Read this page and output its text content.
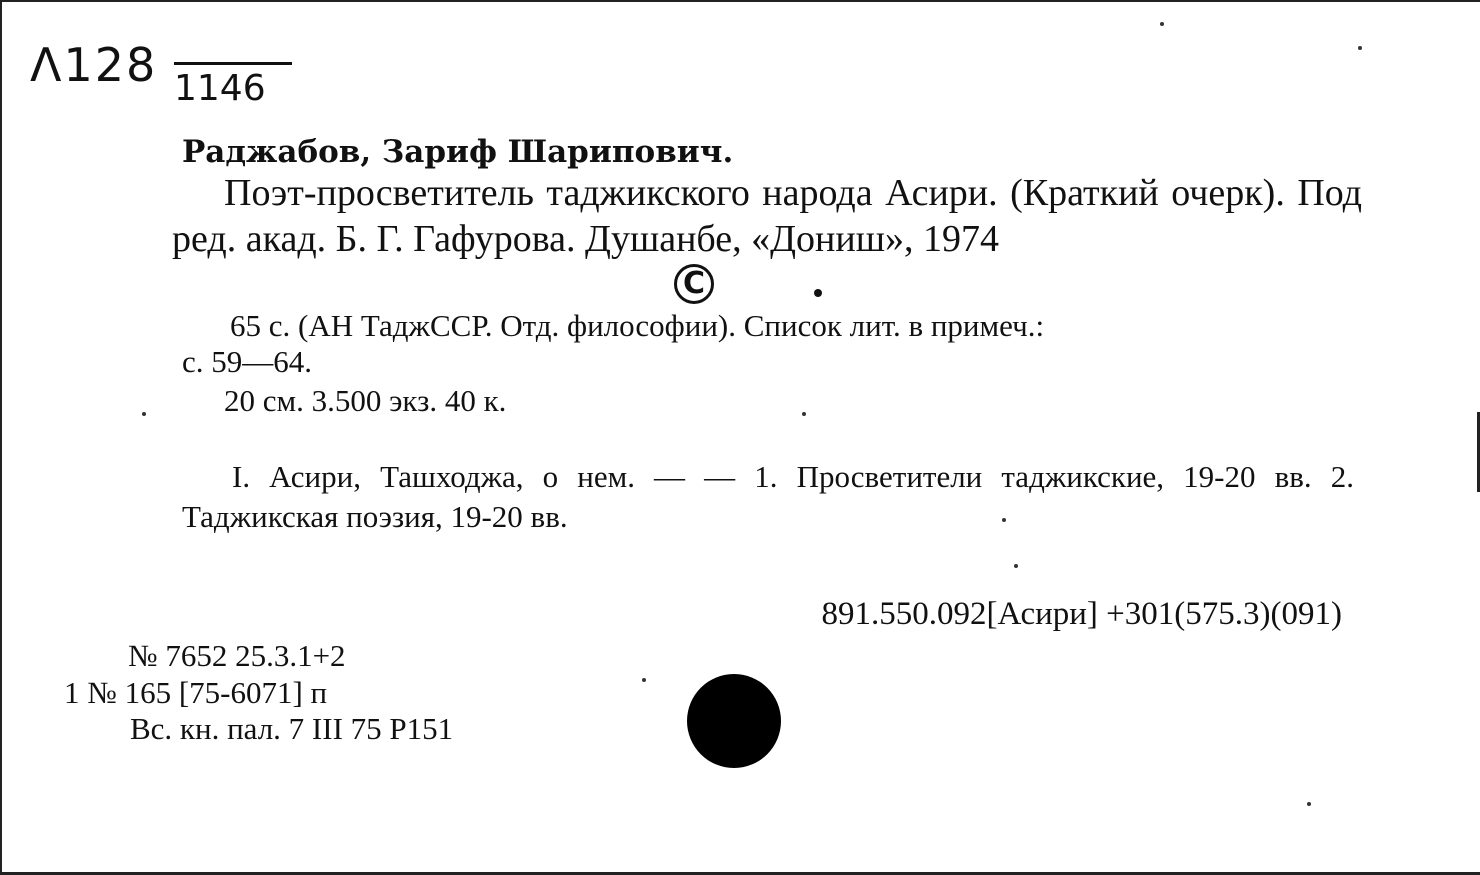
Λ128 1146
Раджабов, Зариф Шарипович.
Поэт-просветитель таджикского народа Асири. (Краткий очерк). Под ред. акад. Б. Г. Гафурова. Душанбе, «Дониш», 1974
C
65 с. (АН ТаджССР. Отд. философии). Список лит. в примеч.:
с. 59—64.
20 см. 3.500 экз. 40 к.
I. Асири, Ташходжа, о нем. — — 1. Просветители таджикские, 19-20 вв. 2. Таджикская поэзия, 19-20 вв.
891.550.092[Асири] +301(575.3)(091)
№ 7652 25.3.1+2
1 № 165 [75-6071] п
Вс. кн. пал. 7 III 75 Р151
